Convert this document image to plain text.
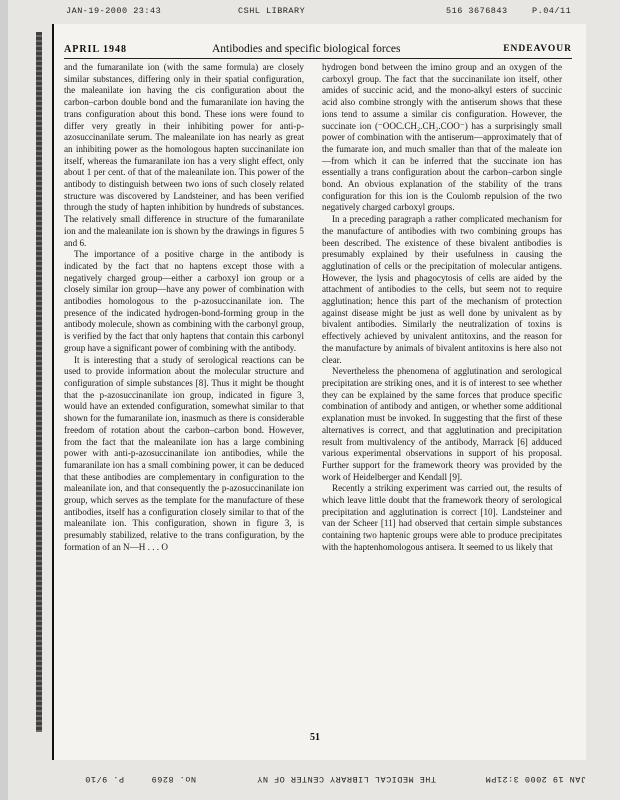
JAN-19-2000 23:43	CSHL LIBRARY	516 3676843	P.04/11
APRIL 1948	Antibodies and specific biological forces	ENDEAVOUR

and the fumaranilate ion (with the same formula) are closely similar substances, differing only in their spatial configuration, the maleanilate ion having the cis configuration about the carbon–carbon double bond and the fumaranilate ion having the trans configuration about this bond. These ions were found to differ very greatly in their inhibiting power for anti-p-azosuccinanilate serum. The maleanilate ion has nearly as great an inhibiting power as the homologous hapten succinanilate ion itself, whereas the fumaranilate ion has a very slight effect, only about 1 per cent. of that of the maleanilate ion. This power of the antibody to distinguish between two ions of such closely related structure was discovered by Landsteiner, and has been verified through the study of hapten inhibition by hundreds of substances. The relatively small difference in structure of the fumaranilate ion and the maleanilate ion is shown by the drawings in figures 5 and 6.

The importance of a positive charge in the antibody is indicated by the fact that no haptens except those with a negatively charged group—either a carboxyl ion group or a closely similar ion group—have any power of combination with antibodies homologous to the p-azosuccinanilate ion. The presence of the indicated hydrogen-bond-forming group in the antibody molecule, shown as combining with the carbonyl group, is verified by the fact that only haptens that contain this carbonyl group have a significant power of combining with the antibody.

It is interesting that a study of serological reactions can be used to provide information about the molecular structure and configuration of simple substances [8]. Thus it might be thought that the p-azosuccinanilate ion group, indicated in figure 3, would have an extended configuration, somewhat similar to that shown for the fumaranilate ion, inasmuch as there is considerable freedom of rotation about the carbon–carbon bond. However, from the fact that the maleanilate ion has a large combining power with anti-p-azosuccinanilate ion antibodies, while the fumaranilate ion has a small combining power, it can be deduced that these antibodies are complementary in configuration to the maleanilate ion, and that consequently the p-azosuccinanilate ion group, which serves as the template for the manufacture of these antibodies, itself has a configuration closely similar to that of the maleanilate ion. This configuration, shown in figure 3, is presumably stabilized, relative to the trans configuration, by the formation of an N—H . . . O

hydrogen bond between the imino group and an oxygen of the carboxyl group. The fact that the succinanilate ion itself, other amides of succinic acid, and the mono-alkyl esters of succinic acid also combine strongly with the antiserum shows that these ions tend to assume a similar cis configuration. However, the succinate ion (⁻OOC.CH₂.CH₂.COO⁻) has a surprisingly small power of combination with the antiserum—approximately that of the fumarate ion, and much smaller than that of the maleate ion—from which it can be inferred that the succinate ion has essentially a trans configuration about the carbon–carbon single bond. An obvious explanation of the stability of the trans configuration for this ion is the Coulomb repulsion of the two negatively charged carboxyl groups.

In a preceding paragraph a rather complicated mechanism for the manufacture of antibodies with two combining groups has been described. The existence of these bivalent antibodies is presumably explained by their usefulness in causing the agglutination of cells or the precipitation of molecular antigens. However, the lysis and phagocytosis of cells are aided by the attachment of antibodies to the cells, but seem not to require agglutination; hence this part of the mechanism of protection against disease might be just as well done by univalent as by bivalent antibodies. Similarly the neutralization of toxins is effectively achieved by univalent antitoxins, and the reason for the manufacture by animals of bivalent antitoxins is here also not clear.

Nevertheless the phenomena of agglutination and serological precipitation are striking ones, and it is of interest to see whether they can be explained by the same forces that produce specific combination of antibody and antigen, or whether some additional explanation must be invoked. In suggesting that the first of these alternatives is correct, and that agglutination and precipitation result from multivalency of the antibody, Marrack [6] adduced various experimental observations in support of his proposal. Further support for the framework theory was provided by the work of Heidelberger and Kendall [9].

Recently a striking experiment was carried out, the results of which leave little doubt that the framework theory of serological precipitation and agglutination is correct [10]. Landsteiner and van der Scheer [11] had observed that certain simple substances containing two haptenic groups were able to produce precipitates with the haptenhomologous antisera. It seemed to us likely that

51
JAN 19 2000 3:21PM
THE MEDICAL LIBRARY CENTER OF NY
No. 8269
P. 9/10
